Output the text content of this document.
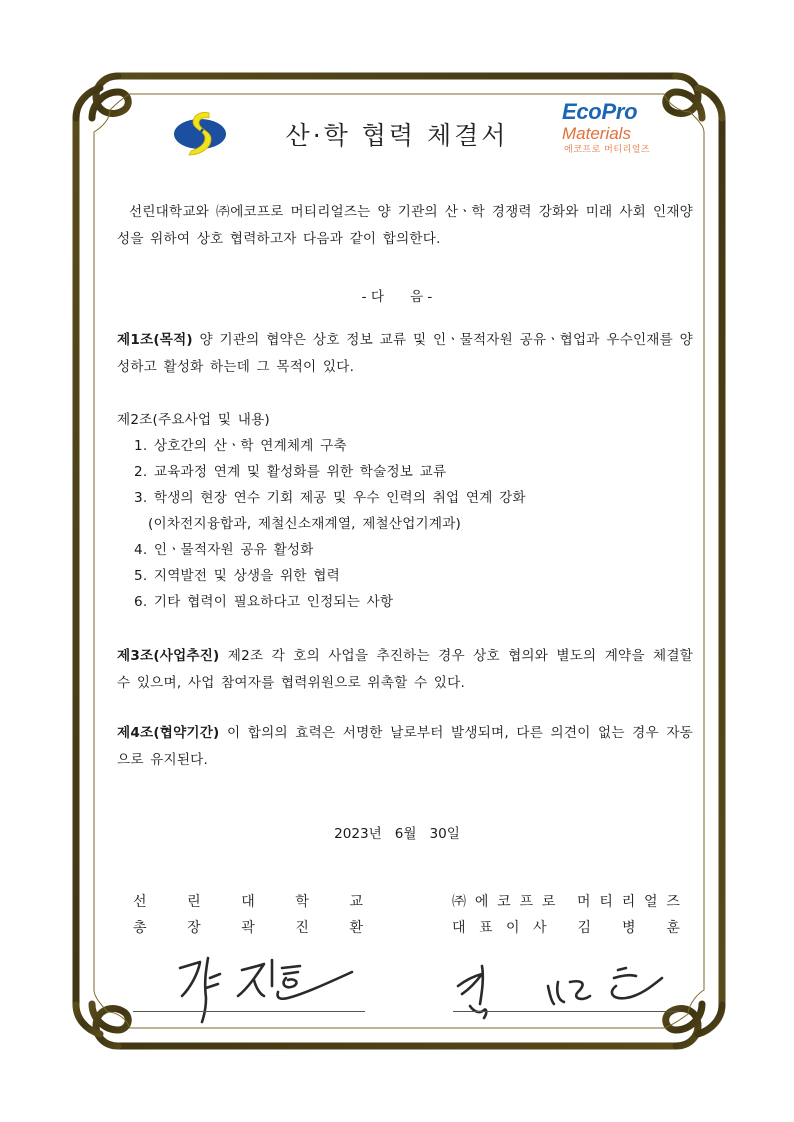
산·학 협력 체결서
EcoPro
Materials
에코프로 머티리얼즈
선린대학교와 ㈜에코프로 머티리얼즈는 양 기관의 산ㆍ학 경쟁력 강화와 미래 사회 인재양성을 위하여 상호 협력하고자 다음과 같이 합의한다.
- 다      음 -
제1조(목적) 양 기관의 협약은 상호 정보 교류 및 인ㆍ물적자원 공유ㆍ협업과 우수인재를 양성하고 활성화 하는데 그 목적이 있다.
제2조(주요사업 및 내용)
1. 상호간의 산ㆍ학 연계체계 구축
2. 교육과정 연계 및 활성화를 위한 학술정보 교류
3. 학생의 현장 연수 기회 제공 및 우수 인력의 취업 연계 강화
(이차전지융합과, 제철신소재계열, 제철산업기계과)
4. 인ㆍ물적자원 공유 활성화
5. 지역발전 및 상생을 위한 협력
6. 기타 협력이 필요하다고 인정되는 사항
제3조(사업추진) 제2조 각 호의 사업을 추진하는 경우 상호 협의와 별도의 계약을 체결할 수 있으며, 사업 참여자를 협력위원으로 위촉할 수 있다.
제4조(협약기간) 이 합의의 효력은 서명한 날로부터 발생되며, 다른 의견이 없는 경우 자동으로 유지된다.
2023년   6월   30일
선	린	대	학	교
총	장	곽	진	환
㈜ 에 코 프 로 머 티 리 얼 즈
대 표 이 사 김 병 훈
